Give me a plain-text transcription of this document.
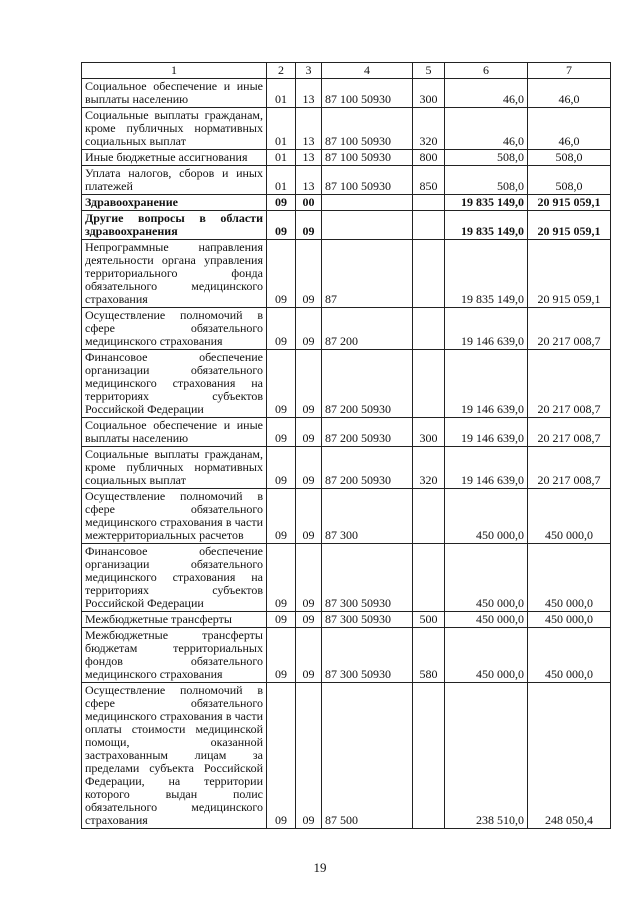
1	2	3	4	5	6	7
Социальное обеспечение и иные выплаты населению	01	13	87 100 50930	300	46,0	46,0
Социальные выплаты гражданам, кроме публичных нормативных социальных выплат	01	13	87 100 50930	320	46,0	46,0
Иные бюджетные ассигнования	01	13	87 100 50930	800	508,0	508,0
Уплата налогов, сборов и иных платежей	01	13	87 100 50930	850	508,0	508,0
Здравоохранение	09	00			19 835 149,0	20 915 059,1
Другие вопросы в области здравоохранения	09	09			19 835 149,0	20 915 059,1
Непрограммные направления деятельности органа управления территориального фонда обязательного медицинского страхования	09	09	87		19 835 149,0	20 915 059,1
Осуществление полномочий в сфере обязательного медицинского страхования	09	09	87 200		19 146 639,0	20 217 008,7
Финансовое обеспечение организации обязательного медицинского страхования на территориях субъектов Российской Федерации	09	09	87 200 50930		19 146 639,0	20 217 008,7
Социальное обеспечение и иные выплаты населению	09	09	87 200 50930	300	19 146 639,0	20 217 008,7
Социальные выплаты гражданам, кроме публичных нормативных социальных выплат	09	09	87 200 50930	320	19 146 639,0	20 217 008,7
Осуществление полномочий в сфере обязательного медицинского страхования в части межтерриториальных расчетов	09	09	87 300		450 000,0	450 000,0
Финансовое обеспечение организации обязательного медицинского страхования на территориях субъектов Российской Федерации	09	09	87 300 50930		450 000,0	450 000,0
Межбюджетные трансферты	09	09	87 300 50930	500	450 000,0	450 000,0
Межбюджетные трансферты бюджетам территориальных фондов обязательного медицинского страхования	09	09	87 300 50930	580	450 000,0	450 000,0
Осуществление полномочий в сфере обязательного медицинского страхования в части оплаты стоимости медицинской помощи, оказанной застрахованным лицам за пределами субъекта Российской Федерации, на территории которого выдан полис обязательного медицинского страхования	09	09	87 500		238 510,0	248 050,4
19
